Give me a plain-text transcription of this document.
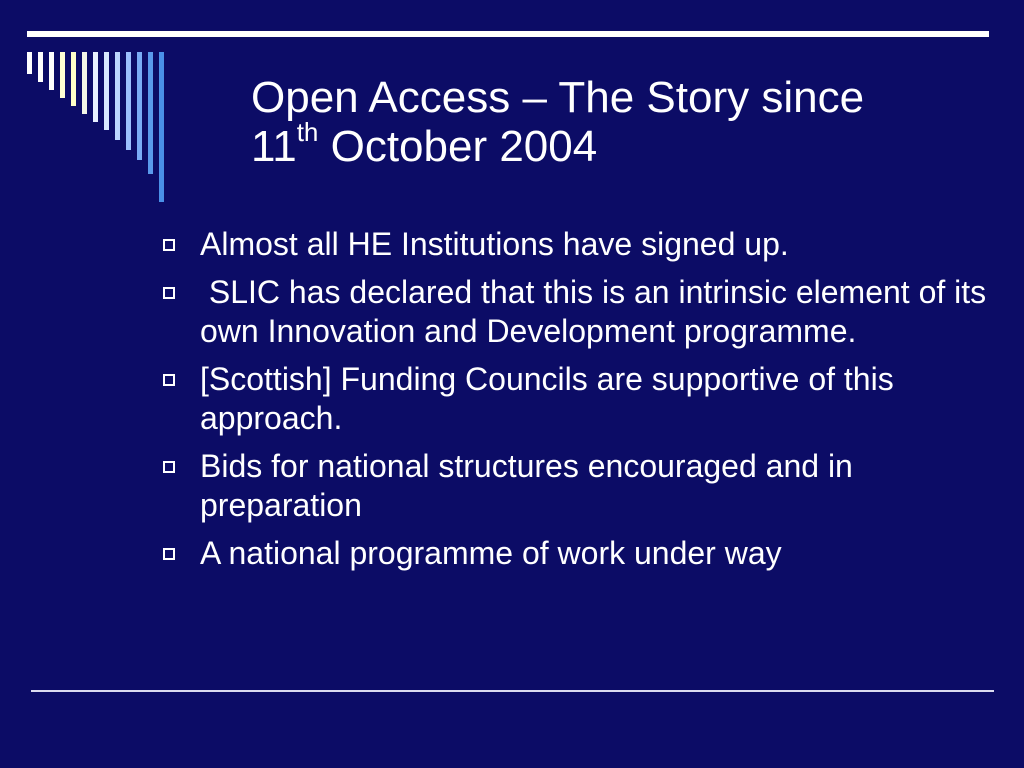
Open Access – The Story since
11th October 2004
Almost all HE Institutions have signed up.
SLIC has declared that this is an intrinsic element of its own Innovation and Development programme.
[Scottish] Funding Councils are supportive of this approach.
Bids for national structures encouraged and in preparation
A national programme of work under way
